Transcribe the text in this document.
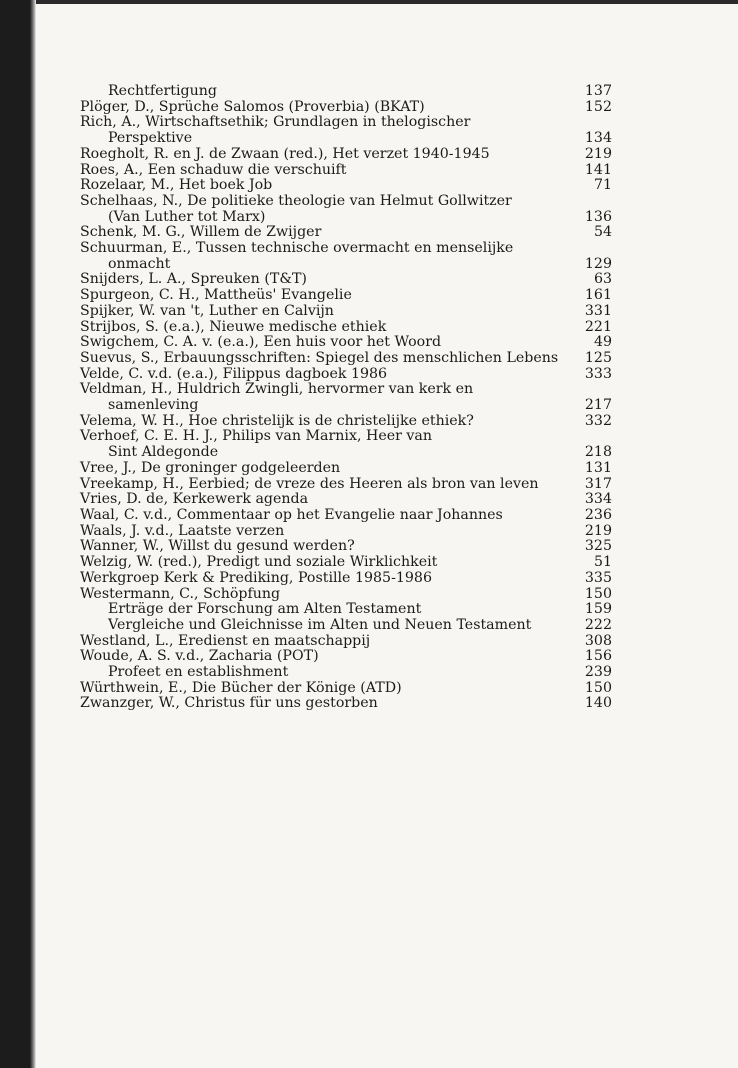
Rechtfertigung	137
Plöger, D., Sprüche Salomos (Proverbia) (BKAT)	152
Rich, A., Wirtschaftsethik; Grundlagen in thelogischer
Perspektive	134
Roegholt, R. en J. de Zwaan (red.), Het verzet 1940-1945	219
Roes, A., Een schaduw die verschuift	141
Rozelaar, M., Het boek Job	71
Schelhaas, N., De politieke theologie van Helmut Gollwitzer
(Van Luther tot Marx)	136
Schenk, M. G., Willem de Zwijger	54
Schuurman, E., Tussen technische overmacht en menselijke
onmacht	129
Snijders, L. A., Spreuken (T&T)	63
Spurgeon, C. H., Mattheüs' Evangelie	161
Spijker, W. van 't, Luther en Calvijn	331
Strijbos, S. (e.a.), Nieuwe medische ethiek	221
Swigchem, C. A. v. (e.a.), Een huis voor het Woord	49
Suevus, S., Erbauungsschriften: Spiegel des menschlichen Lebens	125
Velde, C. v.d. (e.a.), Filippus dagboek 1986	333
Veldman, H., Huldrich Zwingli, hervormer van kerk en
samenleving	217
Velema, W. H., Hoe christelijk is de christelijke ethiek?	332
Verhoef, C. E. H. J., Philips van Marnix, Heer van
Sint Aldegonde	218
Vree, J., De groninger godgeleerden	131
Vreekamp, H., Eerbied; de vreze des Heeren als bron van leven	317
Vries, D. de, Kerkewerk agenda	334
Waal, C. v.d., Commentaar op het Evangelie naar Johannes	236
Waals, J. v.d., Laatste verzen	219
Wanner, W., Willst du gesund werden?	325
Welzig, W. (red.), Predigt und soziale Wirklichkeit	51
Werkgroep Kerk & Prediking, Postille 1985-1986	335
Westermann, C., Schöpfung	150
Erträge der Forschung am Alten Testament	159
Vergleiche und Gleichnisse im Alten und Neuen Testament	222
Westland, L., Eredienst en maatschappij	308
Woude, A. S. v.d., Zacharia (POT)	156
Profeet en establishment	239
Würthwein, E., Die Bücher der Könige (ATD)	150
Zwanzger, W., Christus für uns gestorben	140
